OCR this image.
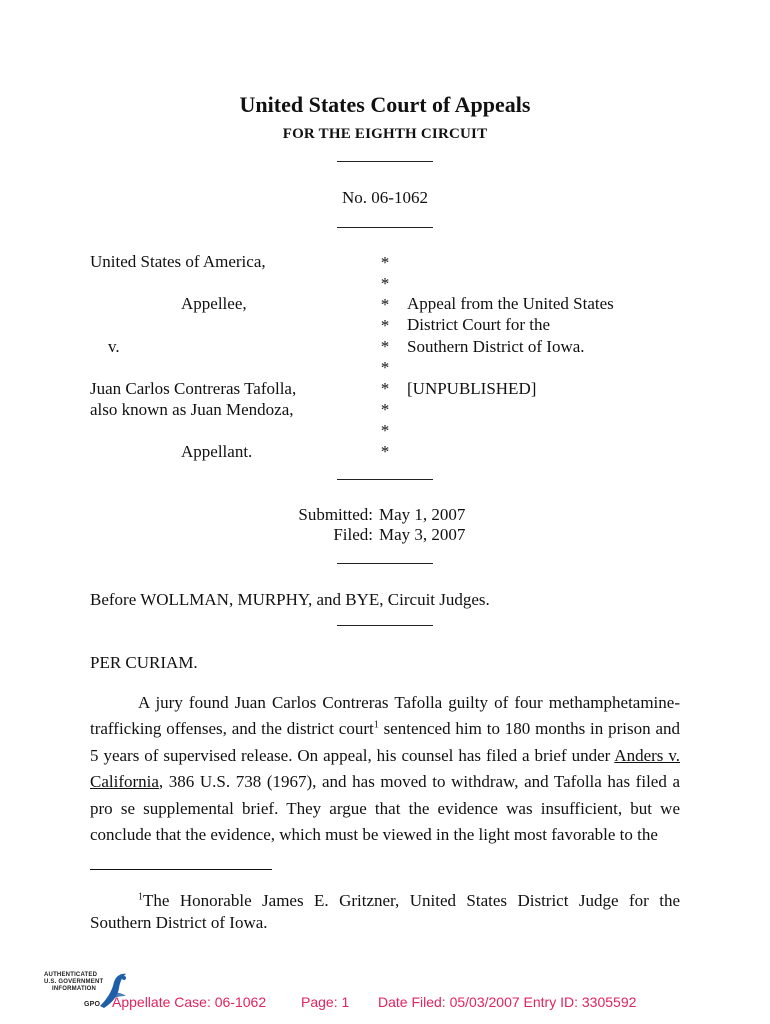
United States Court of Appeals
FOR THE EIGHTH CIRCUIT
No. 06-1062
United States of America,
Appellee,
v.
Juan Carlos Contreras Tafolla,
also known as Juan Mendoza,
Appellant.
*
*
*
*
*
*
*
*
*
*
Appeal from the United States
District Court for the
Southern District of Iowa.
[UNPUBLISHED]
Submitted: May 1, 2007
Filed: May 3, 2007
Before WOLLMAN, MURPHY, and BYE, Circuit Judges.
PER CURIAM.
A jury found Juan Carlos Contreras Tafolla guilty of four methamphetamine-trafficking offenses, and the district court$^1$ sentenced him to 180 months in prison and 5 years of supervised release. On appeal, his counsel has filed a brief under Anders v. California, 386 U.S. 738 (1967), and has moved to withdraw, and Tafolla has filed a pro se supplemental brief. They argue that the evidence was insufficient, but we conclude that the evidence, which must be viewed in the light most favorable to the
$^1$The Honorable James E. Gritzner, United States District Judge for the Southern District of Iowa.
AUTHENTICATED
U.S. GOVERNMENT
INFORMATION
GPO Appellate Case: 06-1062 Page: 1 Date Filed: 05/03/2007 Entry ID: 3305592
